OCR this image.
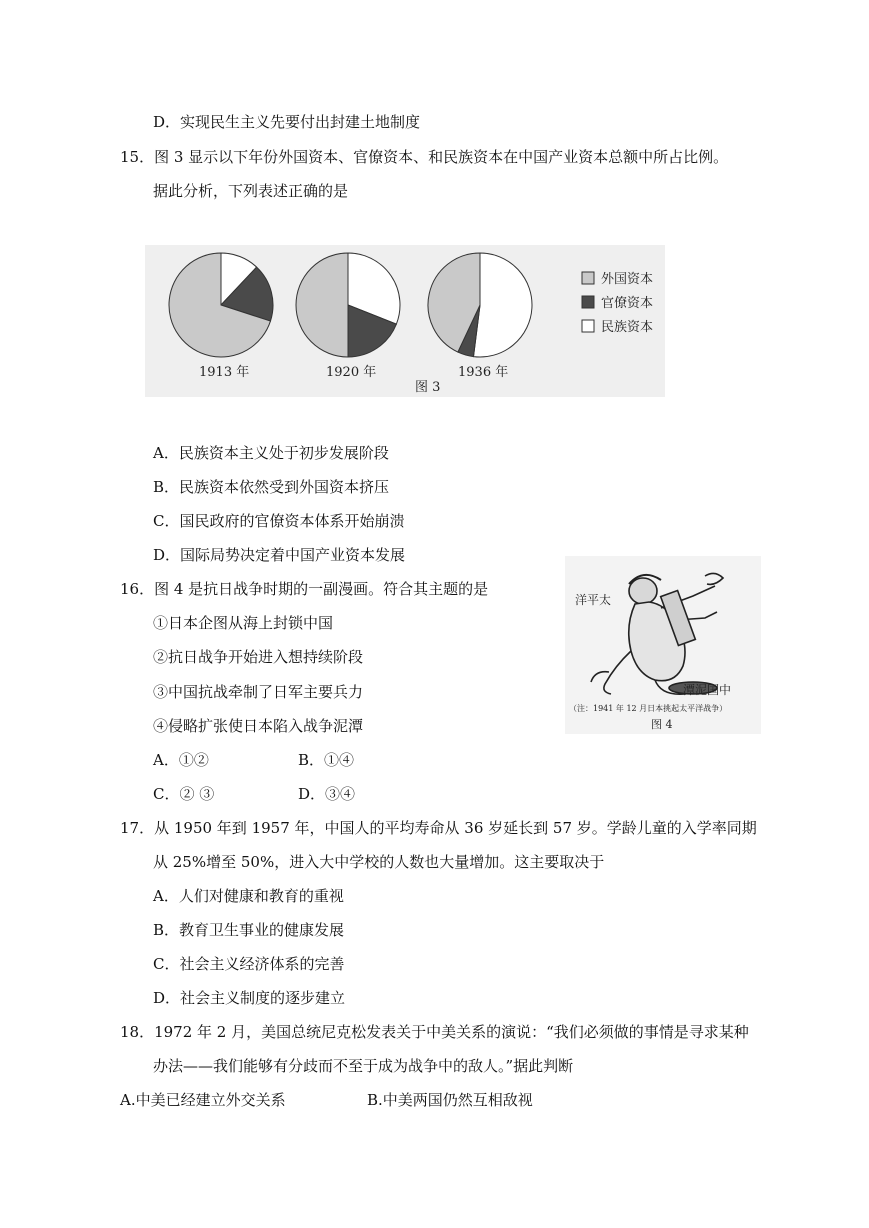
D．实现民生主义先要付出封建土地制度
15．图 3 显示以下年份外国资本、官僚资本、和民族资本在中国产业资本总额中所占比例。
据此分析，下列表述正确的是
1913 年	1920 年	1936 年
外国资本
官僚资本
民族资本
图 3
A．民族资本主义处于初步发展阶段
B．民族资本依然受到外国资本挤压
C．国民政府的官僚资本体系开始崩溃
D．国际局势决定着中国产业资本发展
16．图 4 是抗日战争时期的一副漫画。符合其主题的是
①日本企图从海上封锁中国
②抗日战争开始进入想持续阶段
③中国抗战牵制了日军主要兵力
④侵略扩张使日本陷入战争泥潭
A．①②	B．①④
C．② ③	D．③④
洋平太
潭泥国中
（注：1941 年 12 月日本挑起太平洋战争）
图 4
17．从 1950 年到 1957 年，中国人的平均寿命从 36 岁延长到 57 岁。学龄儿童的入学率同期
从 25%增至 50%，进入大中学校的人数也大量增加。这主要取决于
A．人们对健康和教育的重视
B．教育卫生事业的健康发展
C．社会主义经济体系的完善
D．社会主义制度的逐步建立
18．1972 年 2 月，美国总统尼克松发表关于中美关系的演说：“我们必须做的事情是寻求某种
办法——我们能够有分歧而不至于成为战争中的敌人。”据此判断
A.中美已经建立外交关系	B.中美两国仍然互相敌视
